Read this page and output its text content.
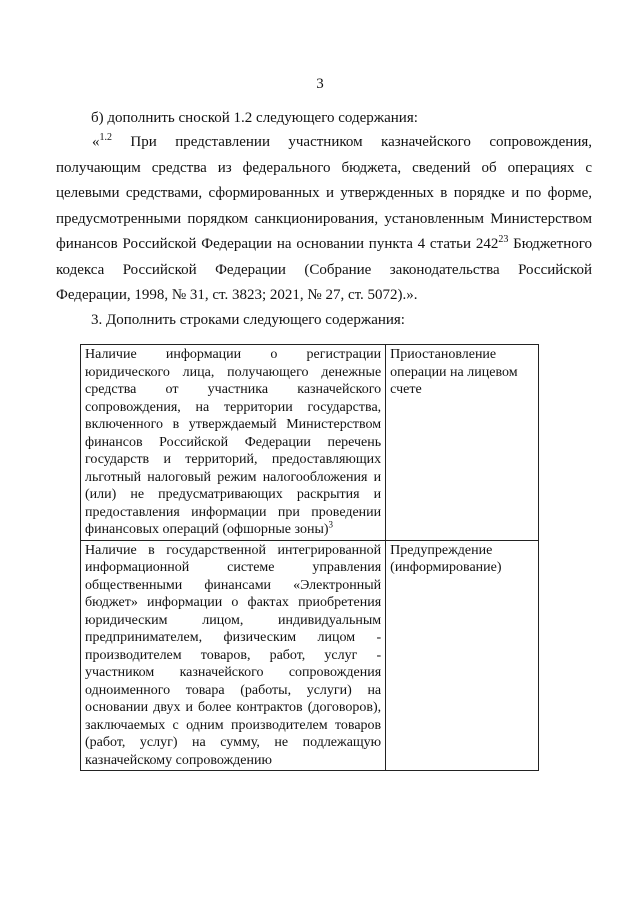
3
б) дополнить сноской 1.2 следующего содержания:
«$^{1.2}$ При представлении участником казначейского сопровождения, получающим средства из федерального бюджета, сведений об операциях с целевыми средствами, сформированных и утвержденных в порядке и по форме, предусмотренными порядком санкционирования, установленным Министерством финансов Российской Федерации на основании пункта 4 статьи $242^{23}$ Бюджетного кодекса Российской Федерации (Собрание законодательства Российской Федерации, 1998, № 31, ст. 3823; 2021, № 27, ст. 5072).».
3. Дополнить строками следующего содержания:
Наличие информации о регистрации юридического лица, получающего денежные средства от участника казначейского сопровождения, на территории государства, включенного в утверждаемый Министерством финансов Российской Федерации перечень государств и территорий, предоставляющих льготный налоговый режим налогообложения и (или) не предусматривающих раскрытия и предоставления информации при проведении финансовых операций (офшорные зоны)$^3$	Приостановление операции на лицевом счете
Наличие в государственной интегрированной информационной системе управления общественными финансами «Электронный бюджет» информации о фактах приобретения юридическим лицом, индивидуальным предпринимателем, физическим лицом - производителем товаров, работ, услуг - участником казначейского сопровождения одноименного товара (работы, услуги) на основании двух и более контрактов (договоров), заключаемых с одним производителем товаров (работ, услуг) на сумму, не подлежащую казначейскому сопровождению	Предупреждение (информирование)
